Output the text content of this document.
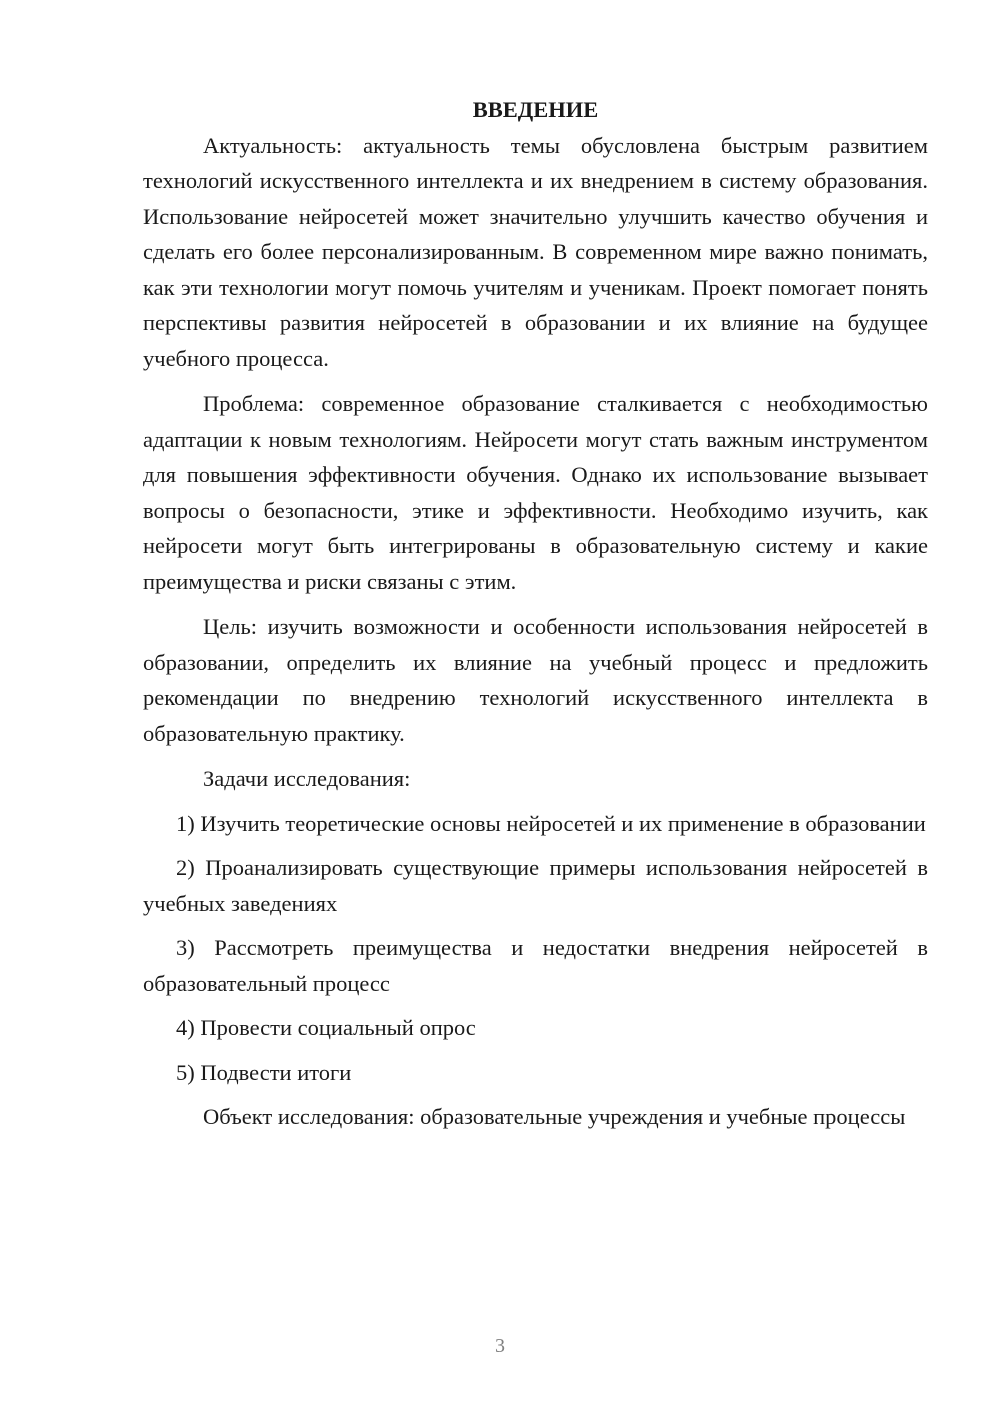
ВВЕДЕНИЕ

Актуальность: актуальность темы обусловлена быстрым развитием технологий искусственного интеллекта и их внедрением в систему образования. Использование нейросетей может значительно улучшить качество обучения и сделать его более персонализированным. В современном мире важно понимать, как эти технологии могут помочь учителям и ученикам. Проект помогает понять перспективы развития нейросетей в образовании и их влияние на будущее учебного процесса.

Проблема: современное образование сталкивается с необходимостью адаптации к новым технологиям. Нейросети могут стать важным инструментом для повышения эффективности обучения. Однако их использование вызывает вопросы о безопасности, этике и эффективности. Необходимо изучить, как нейросети могут быть интегрированы в образовательную систему и какие преимущества и риски связаны с этим.

Цель: изучить возможности и особенности использования нейросетей в образовании, определить их влияние на учебный процесс и предложить рекомендации по внедрению технологий искусственного интеллекта в образовательную практику.

Задачи исследования:

1) Изучить теоретические основы нейросетей и их применение в образовании

2) Проанализировать существующие примеры использования нейросетей в учебных заведениях

3) Рассмотреть преимущества и недостатки внедрения нейросетей в образовательный процесс

4) Провести социальный опрос

5) Подвести итоги

Объект исследования: образовательные учреждения и учебные процессы

3
